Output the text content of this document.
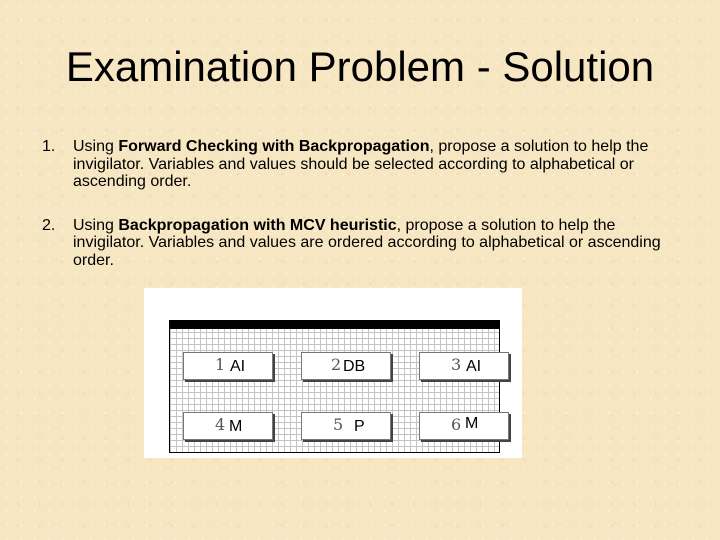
Examination Problem - Solution
1.	Using Forward Checking with Backpropagation, propose a solution to help the invigilator. Variables and values should be selected according to alphabetical or ascending order.
2.	Using Backpropagation with MCV heuristic, propose a solution to help the invigilator. Variables and values are ordered according to alphabetical or ascending order.
1 AI	2 DB	3 AI
4 M	5 P	6 M
